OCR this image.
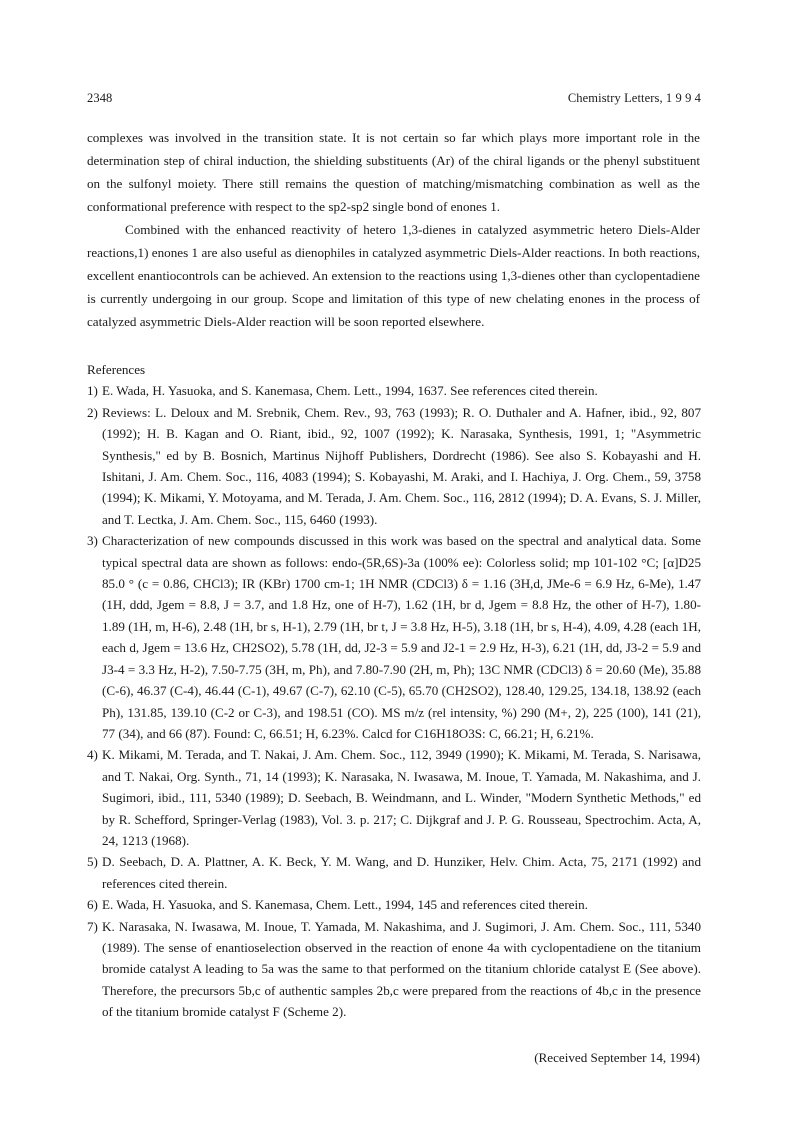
2348	Chemistry Letters, 1 9 9 4

complexes was involved in the transition state. It is not certain so far which plays more important role in the determination step of chiral induction, the shielding substituents (Ar) of the chiral ligands or the phenyl substituent on the sulfonyl moiety. There still remains the question of matching/mismatching combination as well as the conformational preference with respect to the sp2-sp2 single bond of enones 1.

Combined with the enhanced reactivity of hetero 1,3-dienes in catalyzed asymmetric hetero Diels-Alder reactions,1) enones 1 are also useful as dienophiles in catalyzed asymmetric Diels-Alder reactions. In both reactions, excellent enantiocontrols can be achieved. An extension to the reactions using 1,3-dienes other than cyclopentadiene is currently undergoing in our group. Scope and limitation of this type of new chelating enones in the process of catalyzed asymmetric Diels-Alder reaction will be soon reported elsewhere.

References
1) E. Wada, H. Yasuoka, and S. Kanemasa, Chem. Lett., 1994, 1637. See references cited therein.
2) Reviews: L. Deloux and M. Srebnik, Chem. Rev., 93, 763 (1993); R. O. Duthaler and A. Hafner, ibid., 92, 807 (1992); H. B. Kagan and O. Riant, ibid., 92, 1007 (1992); K. Narasaka, Synthesis, 1991, 1; "Asymmetric Synthesis," ed by B. Bosnich, Martinus Nijhoff Publishers, Dordrecht (1986). See also S. Kobayashi and H. Ishitani, J. Am. Chem. Soc., 116, 4083 (1994); S. Kobayashi, M. Araki, and I. Hachiya, J. Org. Chem., 59, 3758 (1994); K. Mikami, Y. Motoyama, and M. Terada, J. Am. Chem. Soc., 116, 2812 (1994); D. A. Evans, S. J. Miller, and T. Lectka, J. Am. Chem. Soc., 115, 6460 (1993).
3) Characterization of new compounds discussed in this work was based on the spectral and analytical data. Some typical spectral data are shown as follows: endo-(5R,6S)-3a (100% ee): Colorless solid; mp 101-102 °C; [α]D25 85.0 ° (c = 0.86, CHCl3); IR (KBr) 1700 cm-1; 1H NMR (CDCl3) δ = 1.16 (3H,d, JMe-6 = 6.9 Hz, 6-Me), 1.47 (1H, ddd, Jgem = 8.8, J = 3.7, and 1.8 Hz, one of H-7), 1.62 (1H, br d, Jgem = 8.8 Hz, the other of H-7), 1.80-1.89 (1H, m, H-6), 2.48 (1H, br s, H-1), 2.79 (1H, br t, J = 3.8 Hz, H-5), 3.18 (1H, br s, H-4), 4.09, 4.28 (each 1H, each d, Jgem = 13.6 Hz, CH2SO2), 5.78 (1H, dd, J2-3 = 5.9 and J2-1 = 2.9 Hz, H-3), 6.21 (1H, dd, J3-2 = 5.9 and J3-4 = 3.3 Hz, H-2), 7.50-7.75 (3H, m, Ph), and 7.80-7.90 (2H, m, Ph); 13C NMR (CDCl3) δ = 20.60 (Me), 35.88 (C-6), 46.37 (C-4), 46.44 (C-1), 49.67 (C-7), 62.10 (C-5), 65.70 (CH2SO2), 128.40, 129.25, 134.18, 138.92 (each Ph), 131.85, 139.10 (C-2 or C-3), and 198.51 (CO). MS m/z (rel intensity, %) 290 (M+, 2), 225 (100), 141 (21), 77 (34), and 66 (87). Found: C, 66.51; H, 6.23%. Calcd for C16H18O3S: C, 66.21; H, 6.21%.
4) K. Mikami, M. Terada, and T. Nakai, J. Am. Chem. Soc., 112, 3949 (1990); K. Mikami, M. Terada, S. Narisawa, and T. Nakai, Org. Synth., 71, 14 (1993); K. Narasaka, N. Iwasawa, M. Inoue, T. Yamada, M. Nakashima, and J. Sugimori, ibid., 111, 5340 (1989); D. Seebach, B. Weindmann, and L. Winder, "Modern Synthetic Methods," ed by R. Schefford, Springer-Verlag (1983), Vol. 3. p. 217; C. Dijkgraf and J. P. G. Rousseau, Spectrochim. Acta, A, 24, 1213 (1968).
5) D. Seebach, D. A. Plattner, A. K. Beck, Y. M. Wang, and D. Hunziker, Helv. Chim. Acta, 75, 2171 (1992) and references cited therein.
6) E. Wada, H. Yasuoka, and S. Kanemasa, Chem. Lett., 1994, 145 and references cited therein.
7) K. Narasaka, N. Iwasawa, M. Inoue, T. Yamada, M. Nakashima, and J. Sugimori, J. Am. Chem. Soc., 111, 5340 (1989). The sense of enantioselection observed in the reaction of enone 4a with cyclopentadiene on the titanium bromide catalyst A leading to 5a was the same to that performed on the titanium chloride catalyst E (See above). Therefore, the precursors 5b,c of authentic samples 2b,c were prepared from the reactions of 4b,c in the presence of the titanium bromide catalyst F (Scheme 2).
(Received September 14, 1994)
